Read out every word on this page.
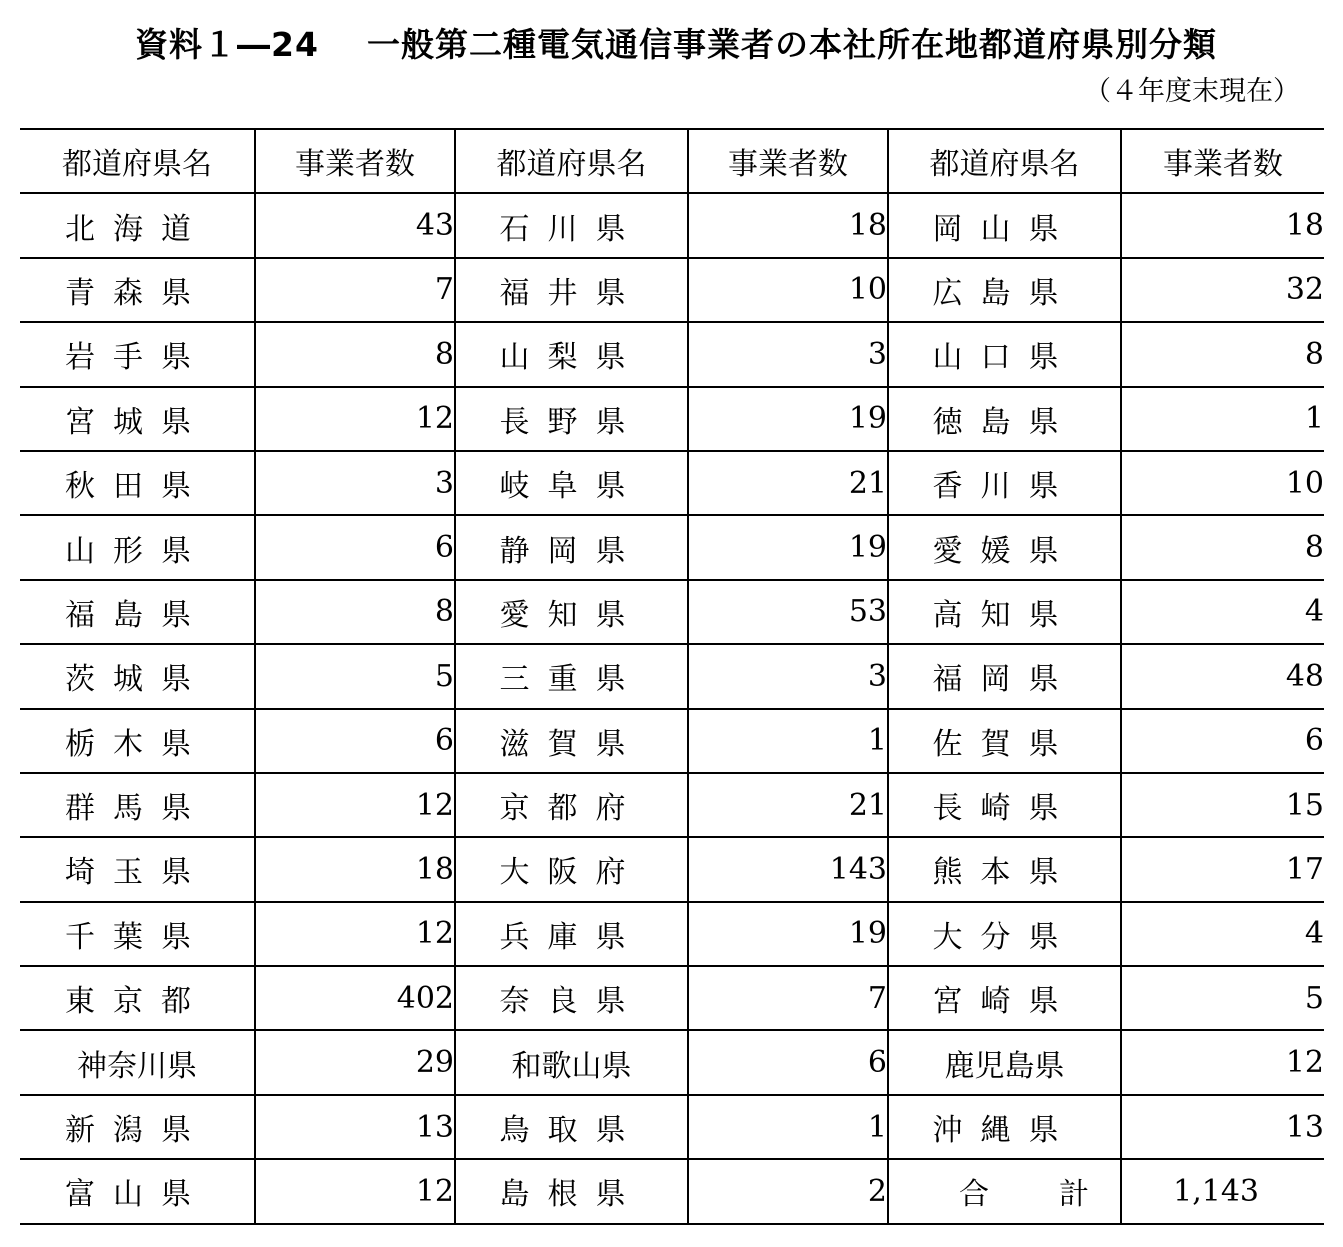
資料１―24 一般第二種電気通信事業者の本社所在地都道府県別分類
（４年度末現在）
都道府県名	事業者数	都道府県名	事業者数	都道府県名	事業者数
北海道	43	石川県	18	岡山県	18
青森県	7	福井県	10	広島県	32
岩手県	8	山梨県	3	山口県	8
宮城県	12	長野県	19	徳島県	1
秋田県	3	岐阜県	21	香川県	10
山形県	6	静岡県	19	愛媛県	8
福島県	8	愛知県	53	高知県	4
茨城県	5	三重県	3	福岡県	48
栃木県	6	滋賀県	1	佐賀県	6
群馬県	12	京都府	21	長崎県	15
埼玉県	18	大阪府	143	熊本県	17
千葉県	12	兵庫県	19	大分県	4
東京都	402	奈良県	7	宮崎県	5
神奈川県	29	和歌山県	6	鹿児島県	12
新潟県	13	鳥取県	1	沖縄県	13
富山県	12	島根県	2	合計	1,143
